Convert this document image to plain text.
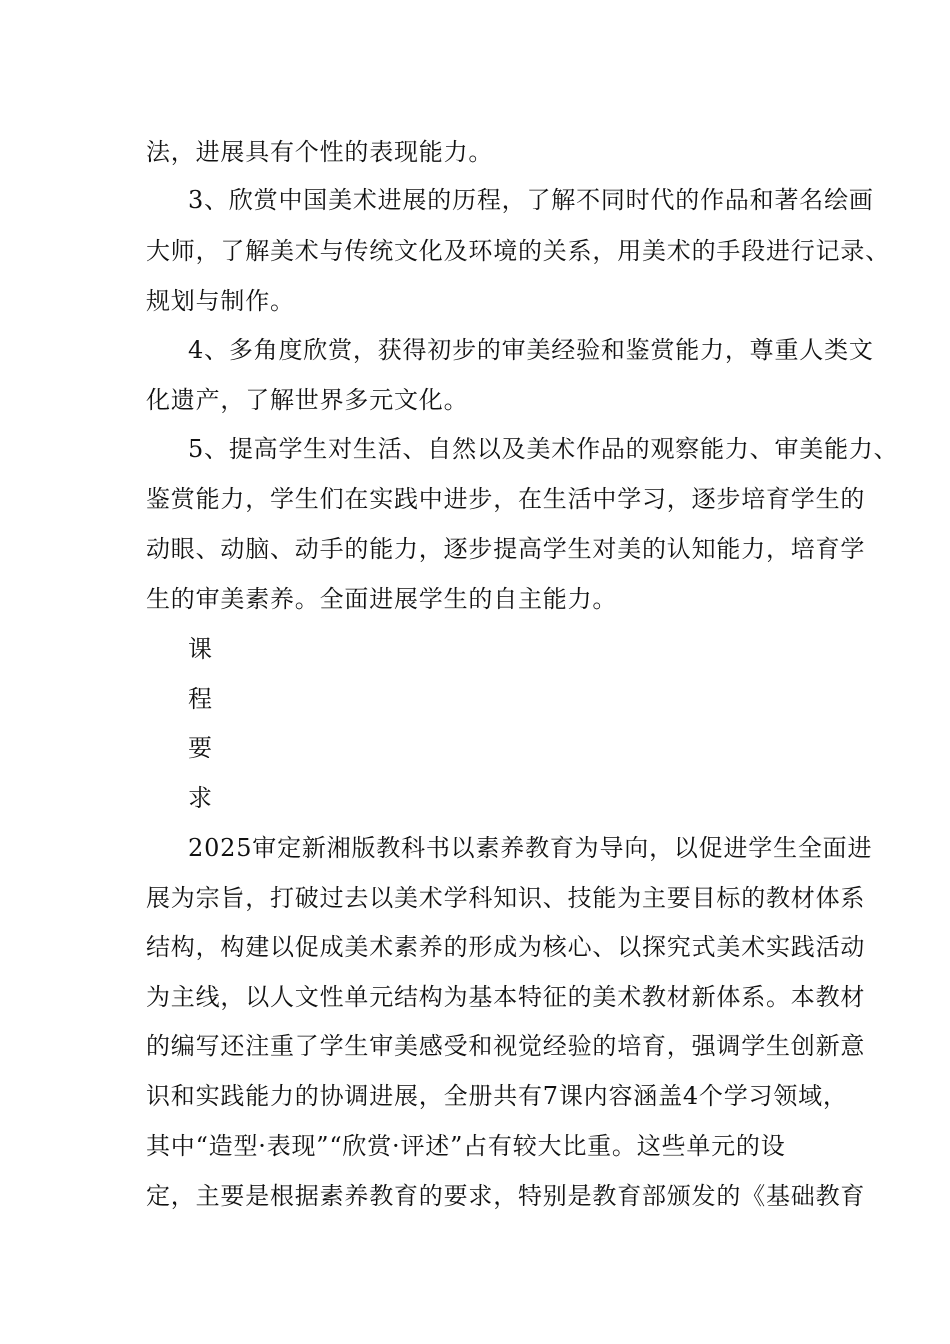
法，进展具有个性的表现能力。
3、欣赏中国美术进展的历程，了解不同时代的作品和著名绘画
大师，了解美术与传统文化及环境的关系，用美术的手段进行记录、
规划与制作。
4、多角度欣赏，获得初步的审美经验和鉴赏能力，尊重人类文
化遗产，了解世界多元文化。
5、提高学生对生活、自然以及美术作品的观察能力、审美能力、
鉴赏能力，学生们在实践中进步，在生活中学习，逐步培育学生的
动眼、动脑、动手的能力，逐步提高学生对美的认知能力，培育学
生的审美素养。全面进展学生的自主能力。
课
程
要
求
2025审定新湘版教科书以素养教育为导向，以促进学生全面进
展为宗旨，打破过去以美术学科知识、技能为主要目标的教材体系
结构，构建以促成美术素养的形成为核心、以探究式美术实践活动
为主线，以人文性单元结构为基本特征的美术教材新体系。本教材
的编写还注重了学生审美感受和视觉经验的培育，强调学生创新意
识和实践能力的协调进展，全册共有7课内容涵盖4个学习领域，
其中“造型·表现”“欣赏·评述”占有较大比重。这些单元的设
定，主要是根据素养教育的要求，特别是教育部颁发的《基础教育
